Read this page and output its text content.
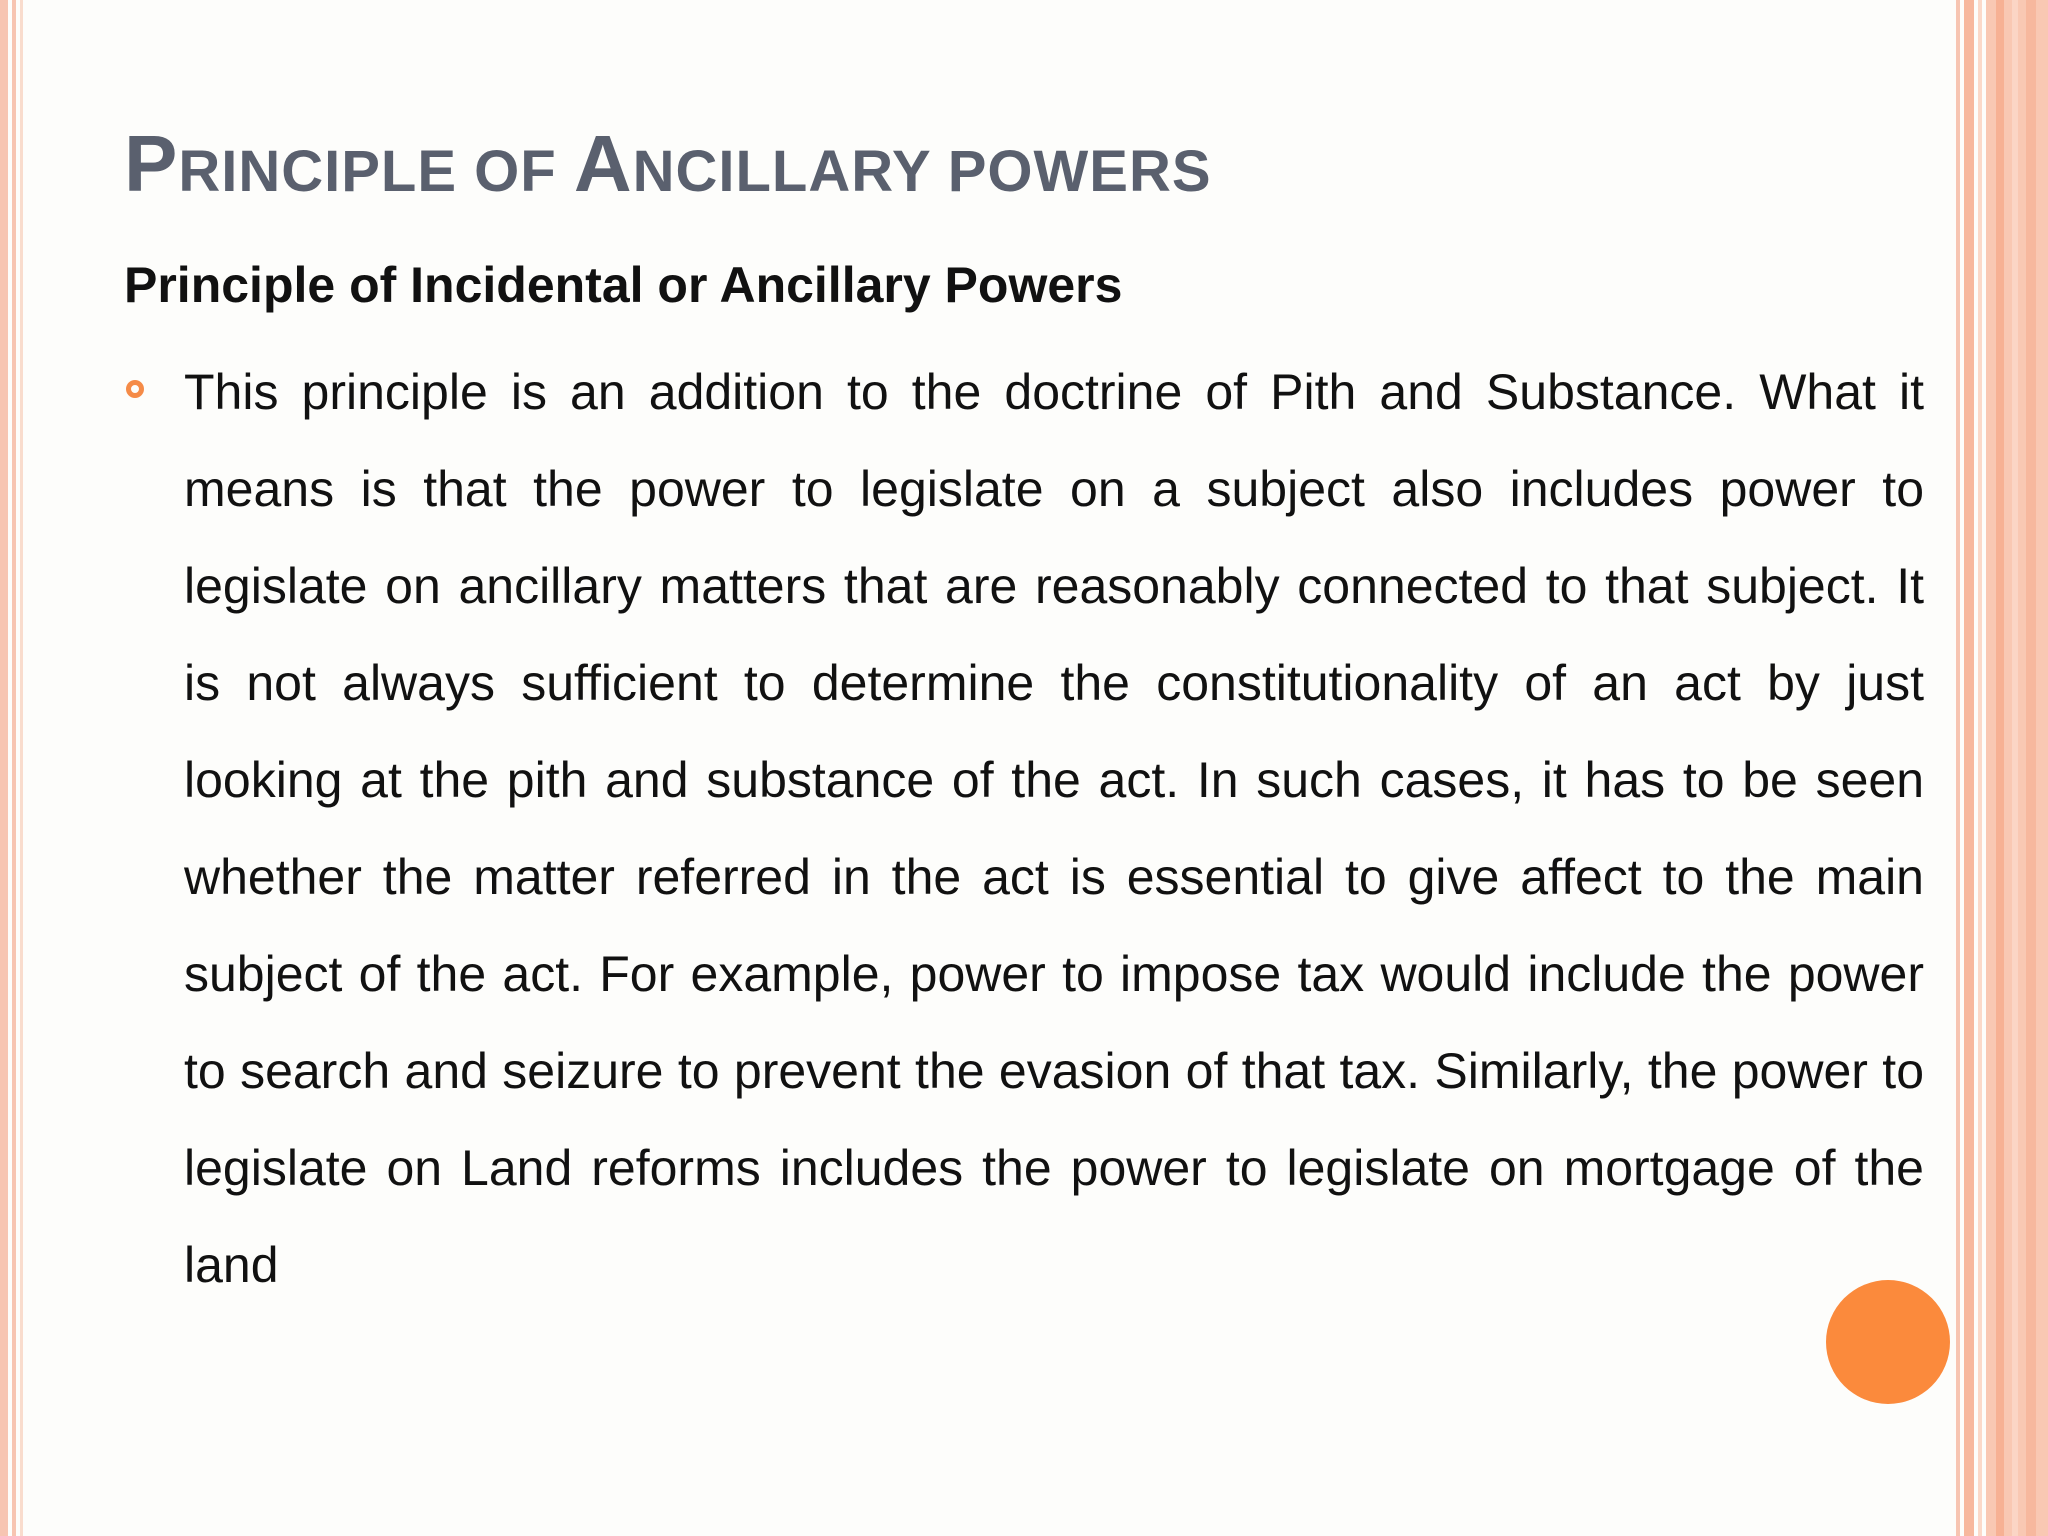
PRINCIPLE OF ANCILLARY POWERS
Principle of Incidental or Ancillary Powers

This principle is an addition to the doctrine of Pith and Substance. What it means is that the power to legislate on a subject also includes power to legislate on ancillary matters that are reasonably connected to that subject. It is not always sufficient to determine the constitutionality of an act by just looking at the pith and substance of the act. In such cases, it has to be seen whether the matter referred in the act is essential to give affect to the main subject of the act. For example, power to impose tax would include the power to search and seizure to prevent the evasion of that tax. Similarly, the power to legislate on Land reforms includes the power to legislate on mortgage of the land
